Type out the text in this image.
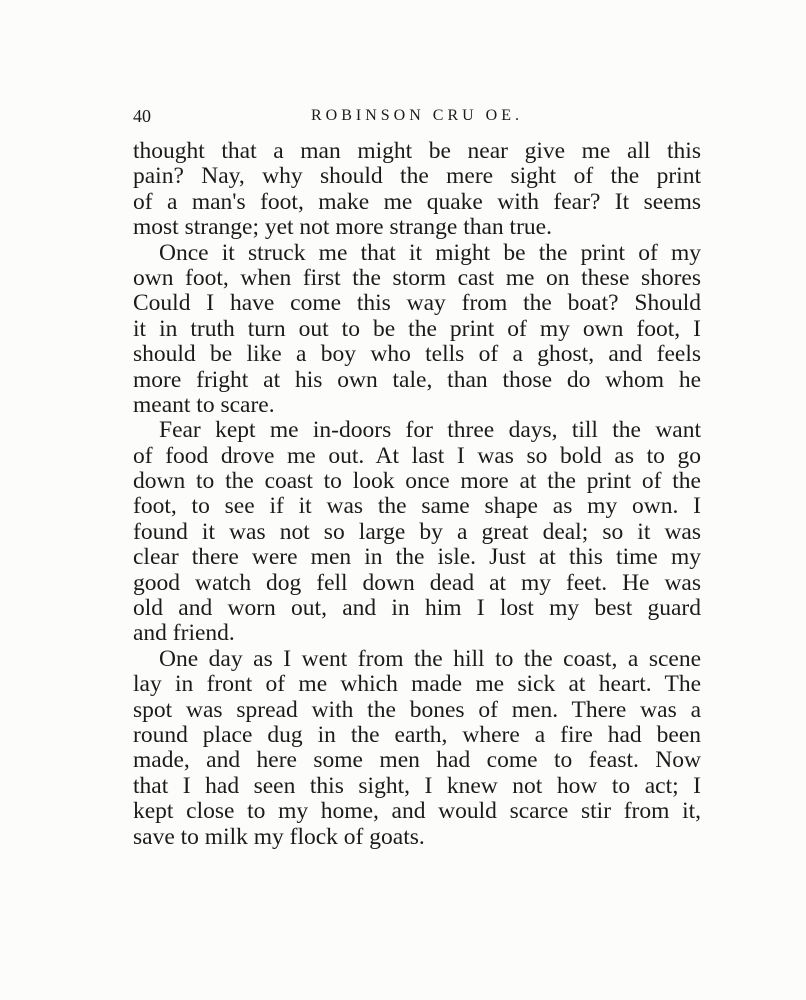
40	ROBINSON CRU OE.

thought that a man might be near give me all this
pain? Nay, why should the mere sight of the print
of a man's foot, make me quake with fear? It seems
most strange; yet not more strange than true.

Once it struck me that it might be the print of my
own foot, when first the storm cast me on these shores
Could I have come this way from the boat? Should
it in truth turn out to be the print of my own foot, I
should be like a boy who tells of a ghost, and feels
more fright at his own tale, than those do whom he
meant to scare.

Fear kept me in-doors for three days, till the want
of food drove me out. At last I was so bold as to go
down to the coast to look once more at the print of the
foot, to see if it was the same shape as my own. I
found it was not so large by a great deal; so it was
clear there were men in the isle. Just at this time my
good watch dog fell down dead at my feet. He was
old and worn out, and in him I lost my best guard
and friend.

One day as I went from the hill to the coast, a scene
lay in front of me which made me sick at heart. The
spot was spread with the bones of men. There was a
round place dug in the earth, where a fire had been
made, and here some men had come to feast. Now
that I had seen this sight, I knew not how to act; I
kept close to my home, and would scarce stir from it,
save to milk my flock of goats.
